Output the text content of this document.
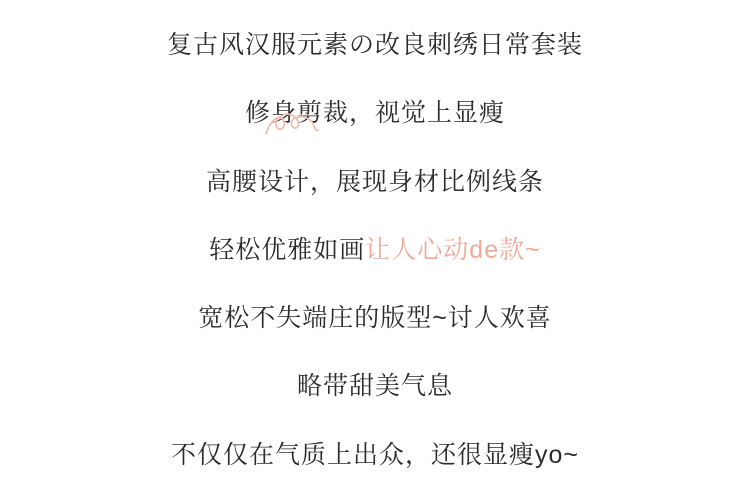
复古风汉服元素の改良刺绣日常套装
修身剪裁，视觉上显瘦
高腰设计，展现身材比例线条
轻松优雅如画让人心动de款~
宽松不失端庄的版型~讨人欢喜
略带甜美气息
不仅仅在气质上出众，还很显瘦yo~
